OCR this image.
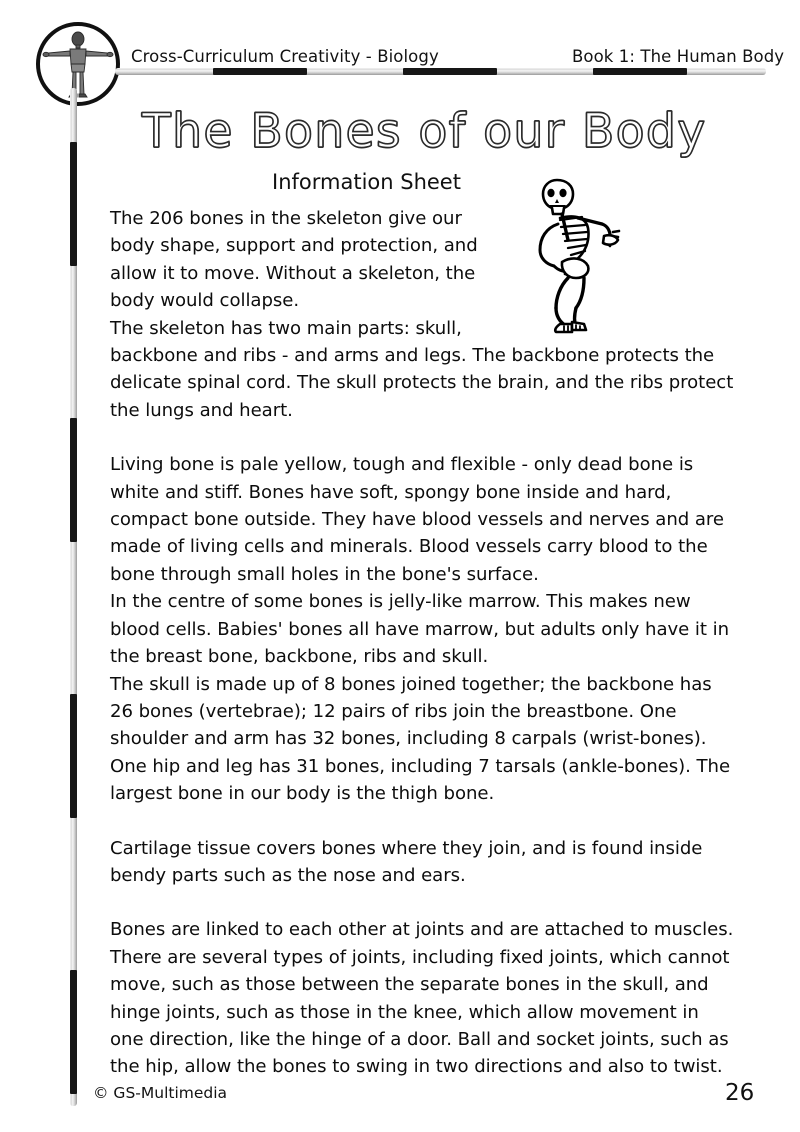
Cross-Curriculum Creativity - Biology	Book 1: The Human Body
The Bones of our Body
Information Sheet

The 206 bones in the skeleton give our body shape, support and protection, and allow it to move. Without a skeleton, the body would collapse.

The skeleton has two main parts: skull,

backbone and ribs - and arms and legs. The backbone protects the delicate spinal cord. The skull protects the brain, and the ribs protect the lungs and heart.

Living bone is pale yellow, tough and flexible - only dead bone is white and stiff. Bones have soft, spongy bone inside and hard, compact bone outside. They have blood vessels and nerves and are made of living cells and minerals. Blood vessels carry blood to the bone through small holes in the bone's surface.

In the centre of some bones is jelly-like marrow. This makes new blood cells. Babies' bones all have marrow, but adults only have it in the breast bone, backbone, ribs and skull.

The skull is made up of 8 bones joined together; the backbone has 26 bones (vertebrae); 12 pairs of ribs join the breastbone. One shoulder and arm has 32 bones, including 8 carpals (wrist-bones). One hip and leg has 31 bones, including 7 tarsals (ankle-bones). The largest bone in our body is the thigh bone.

Cartilage tissue covers bones where they join, and is found inside bendy parts such as the nose and ears.

Bones are linked to each other at joints and are attached to muscles. There are several types of joints, including fixed joints, which cannot move, such as those between the separate bones in the skull, and hinge joints, such as those in the knee, which allow movement in one direction, like the hinge of a door. Ball and socket joints, such as the hip, allow the bones to swing in two directions and also to twist.

© GS-Multimedia	26
